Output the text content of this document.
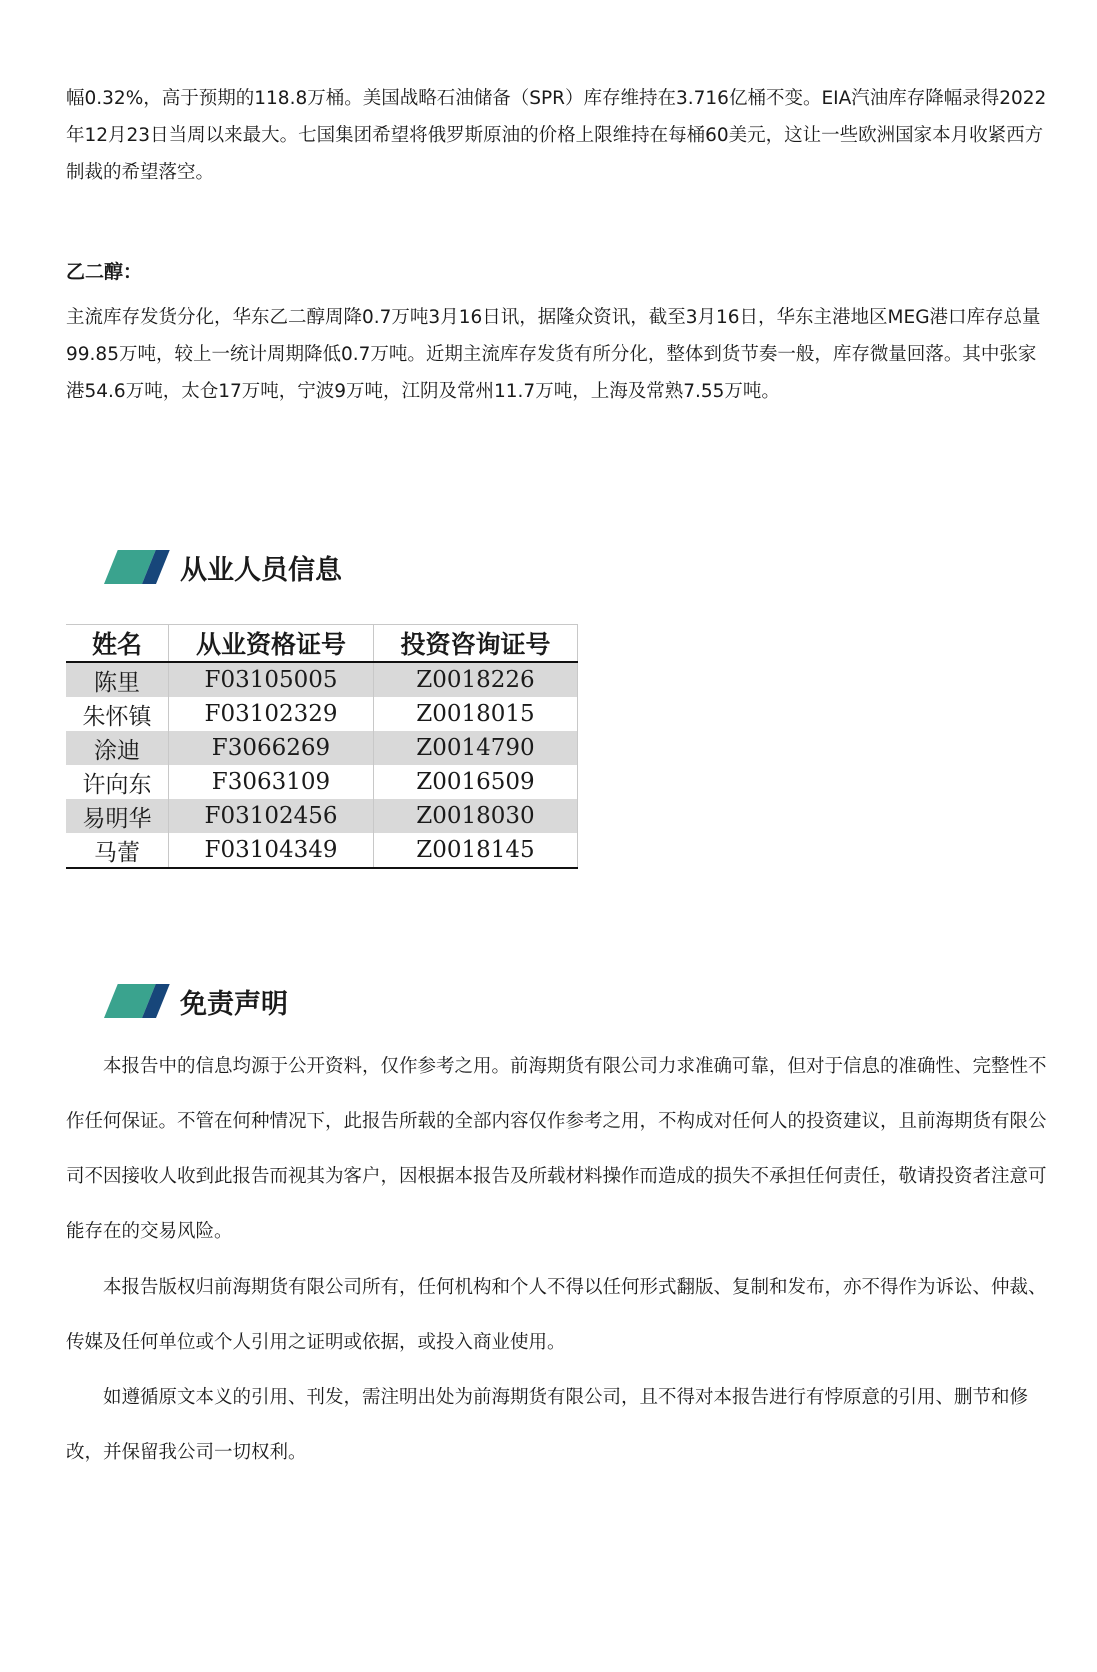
幅0.32%，高于预期的118.8万桶。美国战略石油储备（SPR）库存维持在3.716亿桶不变。EIA汽油库存降幅录得2022年12月23日当周以来最大。七国集团希望将俄罗斯原油的价格上限维持在每桶60美元，这让一些欧洲国家本月收紧西方制裁的希望落空。

乙二醇：

主流库存发货分化，华东乙二醇周降0.7万吨3月16日讯，据隆众资讯，截至3月16日，华东主港地区MEG港口库存总量99.85万吨，较上一统计周期降低0.7万吨。近期主流库存发货有所分化，整体到货节奏一般，库存微量回落。其中张家港54.6万吨，太仓17万吨，宁波9万吨，江阴及常州11.7万吨，上海及常熟7.55万吨。

从业人员信息
姓名	从业资格证号	投资咨询证号
陈里	F03105005	Z0018226
朱怀镇	F03102329	Z0018015
涂迪	F3066269	Z0014790
许向东	F3063109	Z0016509
易明华	F03102456	Z0018030
马蕾	F03104349	Z0018145
免责声明

本报告中的信息均源于公开资料，仅作参考之用。前海期货有限公司力求准确可靠，但对于信息的准确性、完整性不作任何保证。不管在何种情况下，此报告所载的全部内容仅作参考之用，不构成对任何人的投资建议，且前海期货有限公司不因接收人收到此报告而视其为客户，因根据本报告及所载材料操作而造成的损失不承担任何责任，敬请投资者注意可能存在的交易风险。

本报告版权归前海期货有限公司所有，任何机构和个人不得以任何形式翻版、复制和发布，亦不得作为诉讼、仲裁、传媒及任何单位或个人引用之证明或依据，或投入商业使用。

如遵循原文本义的引用、刊发，需注明出处为前海期货有限公司，且不得对本报告进行有悖原意的引用、删节和修改，并保留我公司一切权利。
